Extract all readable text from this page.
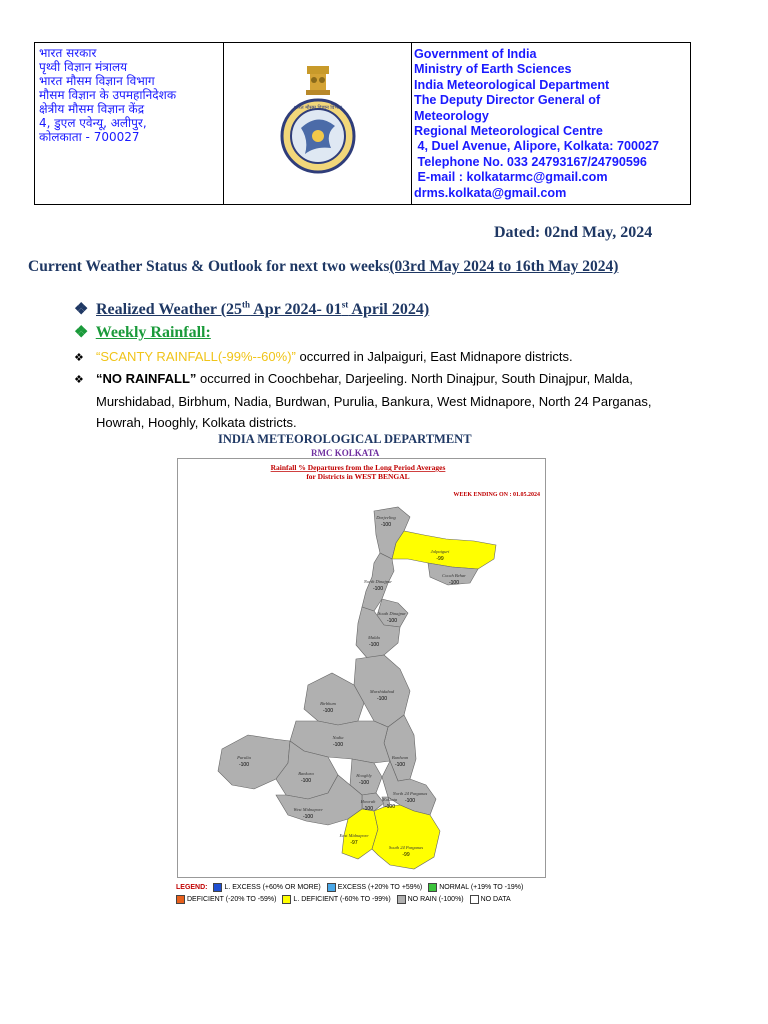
भारत सरकार
पृथ्वी विज्ञान मंत्रालय
भारत मौसम विज्ञान विभाग
मौसम विज्ञान के उपमहानिदेशक
क्षेत्रीय मौसम विज्ञान केंद्र
4, डुएल एवेन्यू, अलीपुर,
कोलकाता - 700027
भारत मौसम विज्ञान विभाग
Government of India
Ministry of Earth Sciences
India Meteorological Department
The Deputy Director General of
Meteorology
Regional Meteorological Centre
4, Duel Avenue, Alipore, Kolkata: 700027
Telephone No. 033 24793167/24790596
E-mail : kolkatarmc@gmail.com
drms.kolkata@gmail.com
Dated: 02nd May, 2024
Current Weather Status & Outlook for next two weeks(03rd May 2024 to 16th May 2024)
❖ Realized Weather (25th Apr 2024- 01st April 2024)
❖ Weekly Rainfall:
❖ “SCANTY RAINFALL(-99%--60%)” occurred in Jalpaiguri, East Midnapore districts.
❖ “NO RAINFALL” occurred in Coochbehar, Darjeeling. North Dinajpur, South Dinajpur, Malda,
Murshidabad, Birbhum, Nadia, Burdwan, Purulia, Bankura, West Midnapore, North 24 Parganas,
Howrah, Hooghly, Kolkata districts.
INDIA METEOROLOGICAL DEPARTMENT
RMC KOLKATA
Rainfall % Departures from the Long Period Averages
for Districts in WEST BENGAL
WEEK ENDING ON : 01.05.2024
Darjeeling
-100
Jalpaiguri
-99
Cooch Behar
-100
North Dinajpur
-100
South Dinajpur
-100
Malda
-100
Murshidabad
-100
Birbhum
-100
Burdwan
-100
Nadia
-100
Purulia
-100
Bankura
-100
Hooghly
-100
North 24 Parganas
-100
Howrah
-100
Kolkata
-100
West Midnapore
-100
East Midnapore
-97
South 24 Parganas
-99
LEGEND: L. EXCESS (+60% OR MORE) EXCESS (+20% TO +59%) NORMAL (+19% TO -19%)
DEFICIENT (-20% TO -59%) L. DEFICIENT (-60% TO -99%) NO RAIN (-100%) NO DATA
